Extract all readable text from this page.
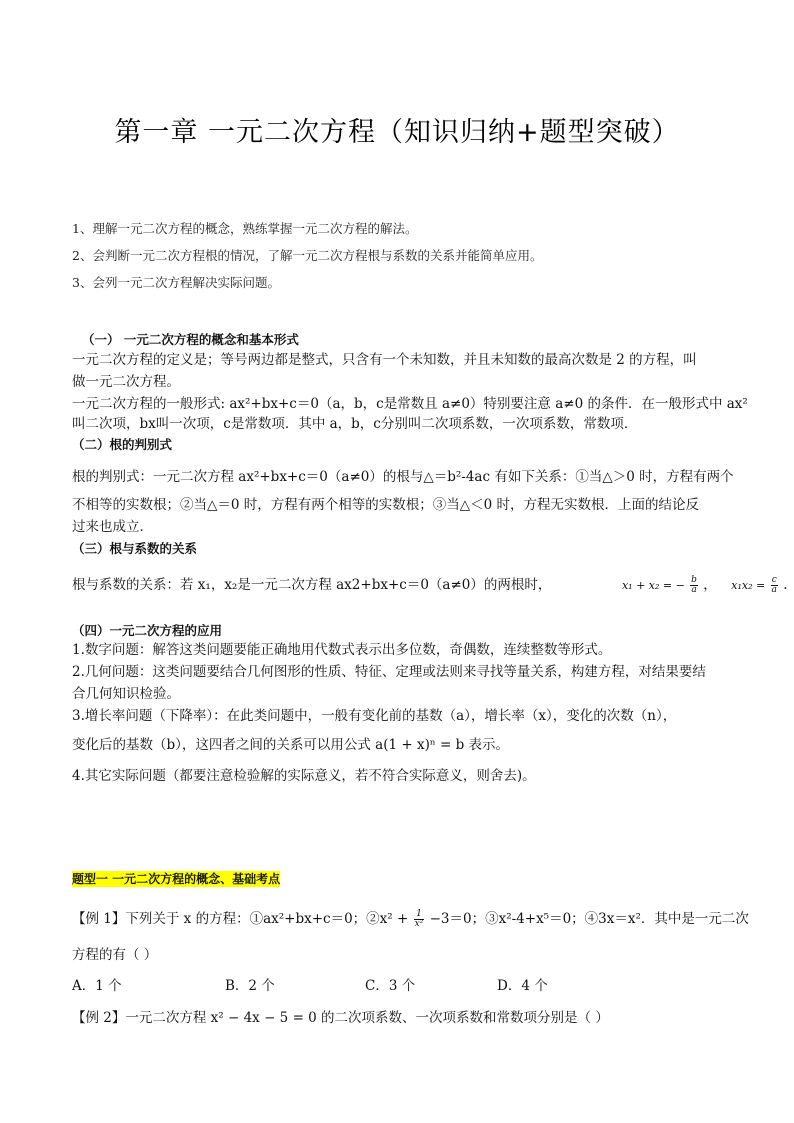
第一章 一元二次方程（知识归纳+题型突破）
1、理解一元二次方程的概念，熟练掌握一元二次方程的解法。
2、会判断一元二次方程根的情况，了解一元二次方程根与系数的关系并能简单应用。
3、会列一元二次方程解决实际问题。
（一） 一元二次方程的概念和基本形式
一元二次方程的定义是；等号两边都是整式，只含有一个未知数，并且未知数的最高次数是 2 的方程，叫
做一元二次方程。
一元二次方程的一般形式: ax²+bx+c＝0（a，b，c是常数且 a≠0）特别要注意 a≠0 的条件．在一般形式中 ax²
叫二次项，bx叫一次项，c是常数项．其中 a，b，c分别叫二次项系数，一次项系数，常数项．
（二）根的判别式
根的判别式：一元二次方程 ax²+bx+c＝0（a≠0）的根与△＝b²-4ac 有如下关系：①当△＞0 时，方程有两个
不相等的实数根；②当△＝0 时，方程有两个相等的实数根；③当△＜0 时，方程无实数根．上面的结论反
过来也成立．
（三）根与系数的关系
根与系数的关系：若 x₁，x₂是一元二次方程 ax2+bx+c＝0（a≠0）的两根时，	x₁ + x₂ = − $\frac{b}{a}$ ， $x_1x_2 = \frac{c}{a}$ .
（四）一元二次方程的应用
1.数字问题：解答这类问题要能正确地用代数式表示出多位数，奇偶数，连续整数等形式。
2.几何问题：这类问题要结合几何图形的性质、特征、定理或法则来寻找等量关系，构建方程，对结果要结
合几何知识检验。
3.增长率问题（下降率）：在此类问题中，一般有变化前的基数（a），增长率（x），变化的次数（n），
变化后的基数（b），这四者之间的关系可以用公式 a(1 + x)ⁿ = b 表示。
4.其它实际问题（都要注意检验解的实际意义，若不符合实际意义，则舍去)。
题型一 一元二次方程的概念、基础考点
【例 1】下列关于 x 的方程：①ax²+bx+c＝0；②x² + $\frac{1}{\text{x²}} -3=0$；③x²-4+x⁵＝0；④3x＝x²．其中是一元二次
方程的有（ ）
A．1 个	B．2 个	C．3 个	D．4 个
【例 2】一元二次方程 x² − 4x − 5 = 0 的二次项系数、一次项系数和常数项分别是（ ）
